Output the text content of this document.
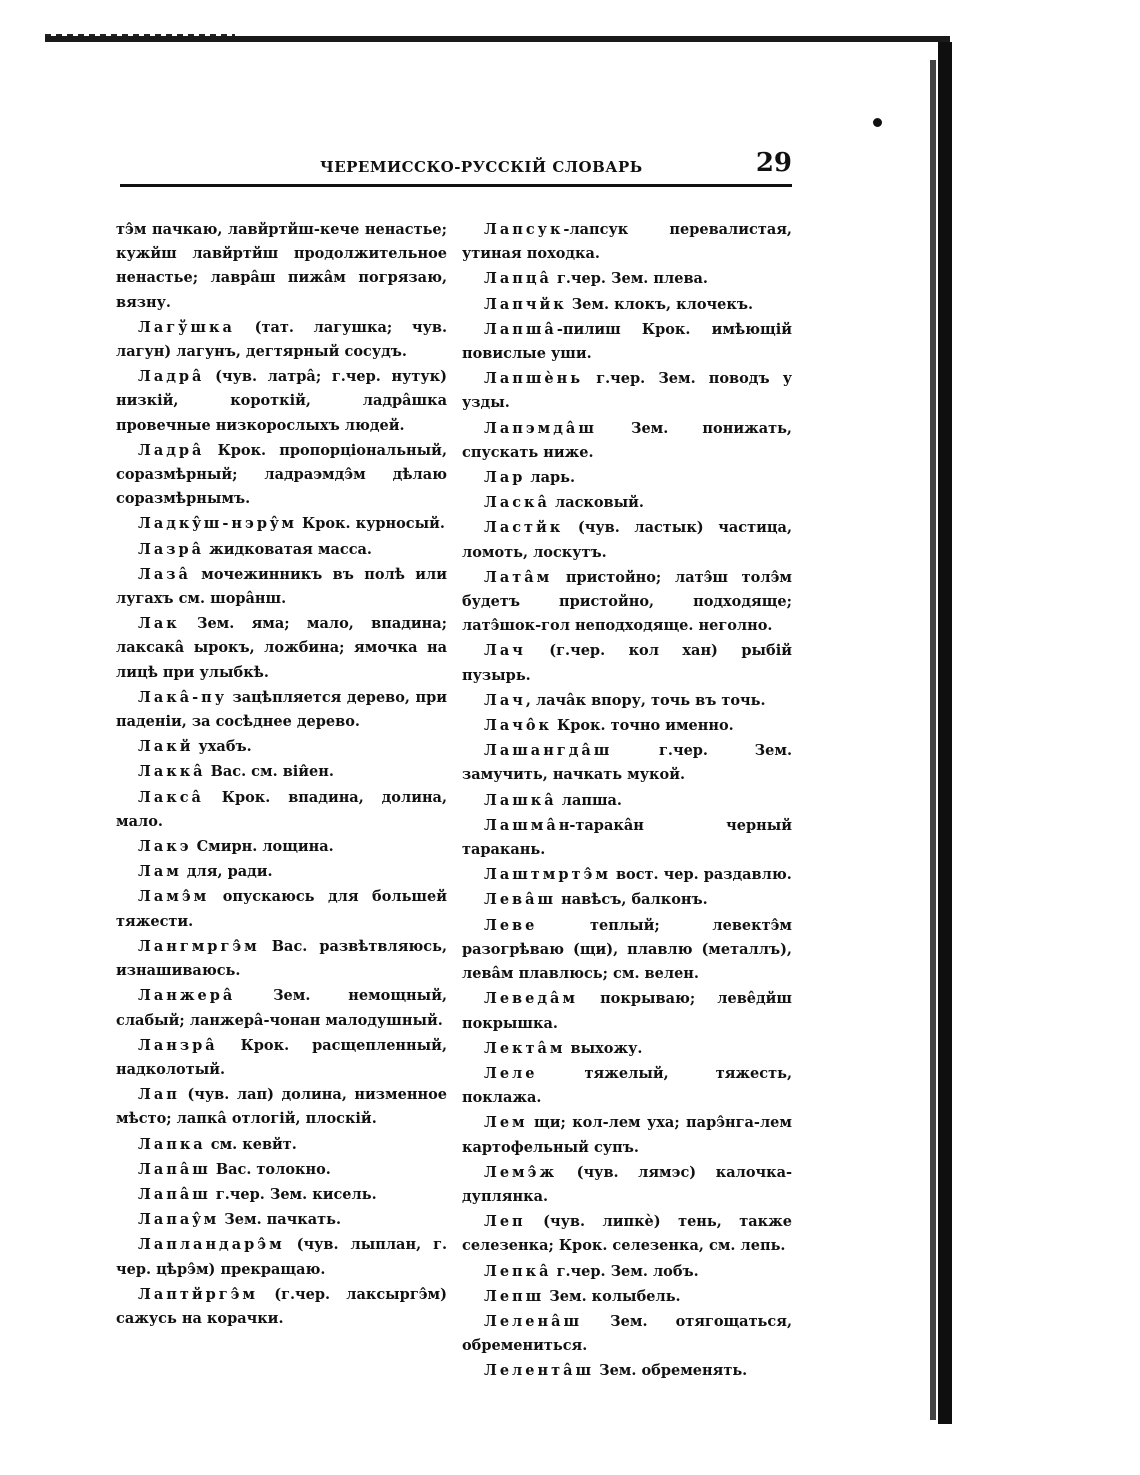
ЧЕРЕМИССКО-РУССКІЙ СЛОВАРЬ	29

тэ̂м пачкаю, лавйртйш-кече ненастье; кужйш лавйртйш продолжительное ненастье; лаврâш пижâм погрязаю, вязну.

Лагўшка (тат. лагушка; чув. лагун) лагунъ, дегтярный сосудъ.

Ладрâ (чув. латрâ; г.чер. нутук) низкій, короткій, ладрâшка провечные низкорослыхъ людей.

Ладрâ Крок. пропорціональный, соразмѣрный; ладраэмдэ̂м дѣлаю соразмѣрнымъ.

Ладкŷш-нэрŷм Крок. курносый.

Лазрâ жидковатая масса.

Лазâ мочежинникъ въ полѣ или лугахъ см. шорâнш.

Лак Зем. яма; мало, впадина; лаксакâ ырокъ, ложбина; ямочка на лицѣ при улыбкѣ.

Лакâ-пу зацѣпляется дерево, при паденіи, за сосѣднее дерево.

Лакй ухабъ.

Лаккâ Вас. см. віи̂ен.

Лаксâ Крок. впадина, долина, мало.

Лакэ Смирн. лощина.

Лам для, ради.

Ламэ̂м опускаюсь для большей тяжести.

Лангмргэ̂м Вас. развѣтвляюсь, изнашиваюсь.

Ланжерâ Зем. немощный, слабый; ланжерâ-чонан малодушный.

Ланзрâ Крок. расщепленный, надколотый.

Лап (чув. лап) долина, низменное мѣсто; лапкâ отлогій, плоскій.

Лапка см. кевйт.

Лапâш Вас. толокно.

Лапâш г.чер. Зем. кисель.

Лапаŷм Зем. пачкать.

Лапландарэ̂м (чув. лыплан, г. чер. цѣрэ̂м) прекращаю.

Лаптйргэ̂м (г.чер. лаксыргэ̂м) сажусь на корачки.

Лапсук-лапсук перевалистая, утиная походка.

Лапцâ г.чер. Зем. плева.

Лапчйк Зем. клокъ, клочекъ.

Лапшâ-пилиш Крок. имѣющій повислые уши.

Лапшèнь г.чер. Зем. поводъ у узды.

Лапэмдâш Зем. понижать, спускать ниже.

Лар ларь.

Ласкâ ласковый.

Ластйк (чув. ластык) частица, ломоть, лоскутъ.

Латâм пристойно; латэ̂ш толэ̂м будетъ пристойно, подходяще; латэ̂шок-гол неподходяще. неголно.

Лач (г.чер. кол хан) рыбій пузырь.

Лач, лачâк впору, точь въ точь.

Лачôк Крок. точно именно.

Лашангдâш г.чер. Зем. замучить, начкать мукой.

Лашкâ лапша.

Лашмâн-таракâн черный таракань.

Лаштмртэ̂м вост. чер. раздавлю.

Левâш навѣсъ, балконъ.

Леве теплый; левектэ̂м разогрѣваю (щи), плавлю (металлъ), левâм плавлюсь; см. велен.

Леведâм покрываю; левêдйш покрышка.

Лектâм выхожу.

Леле тяжелый, тяжесть, поклажа.

Лем щи; кол-лем уха; парэ̂нга-лем картофельный супъ.

Лемэ̂ж (чув. лямэс) калочка-дуплянка.

Леп (чув. липкè) тень, также селезенка; Крок. селезенка, см. лепь.

Лепкâ г.чер. Зем. лобъ.

Лепш Зем. колыбель.

Леленâш Зем. отягощаться, обремениться.

Лелентâш Зем. обременять.
